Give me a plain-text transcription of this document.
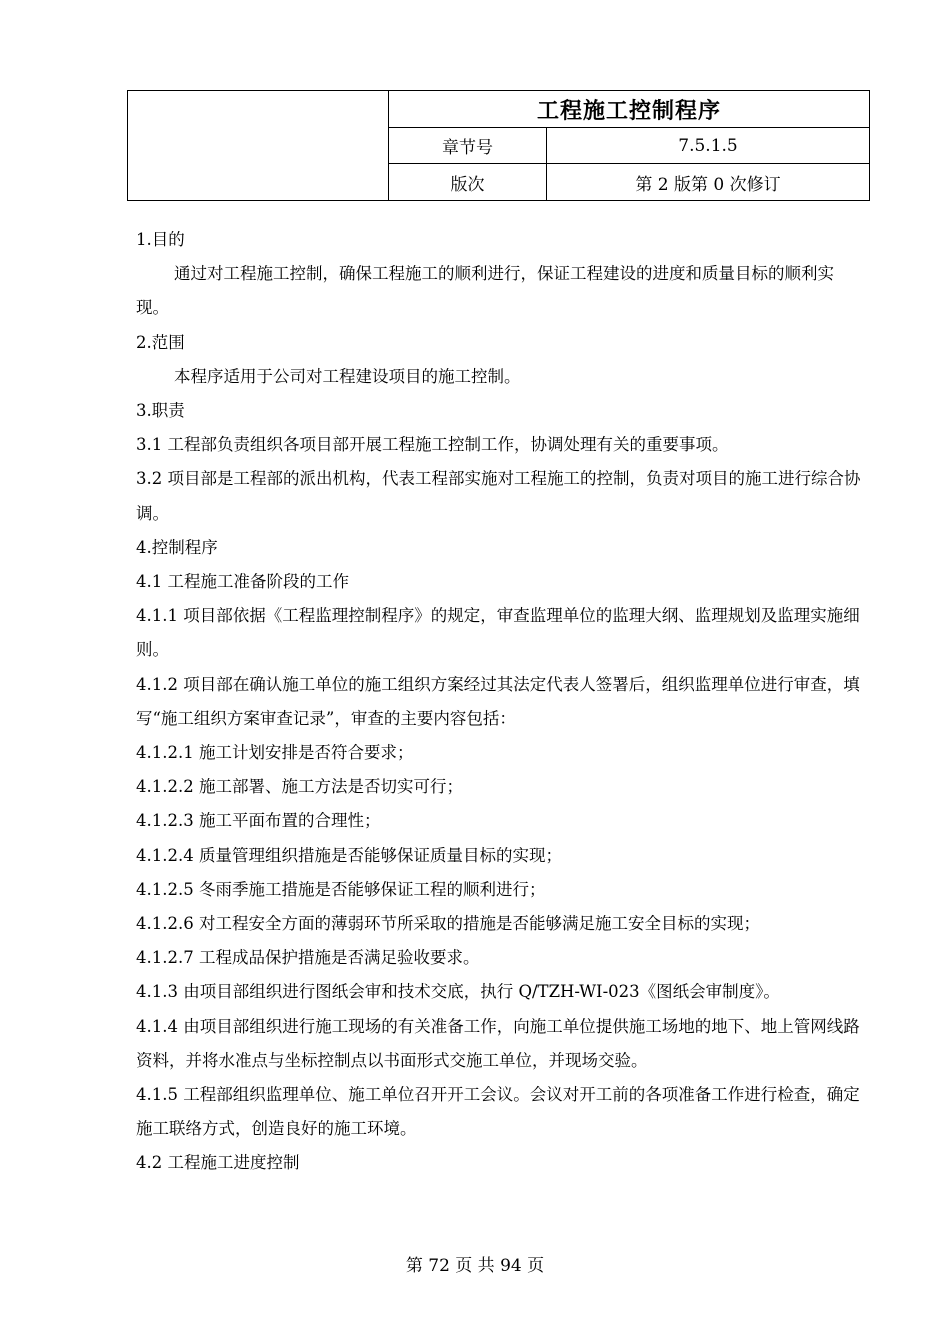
	工程施工控制程序	
	章节号	7.5.1.5
	版次	第 2 版第 0 次修订

1.目的

通过对工程施工控制，确保工程施工的顺利进行，保证工程建设的进度和质量目标的顺利实现。

2.范围

本程序适用于公司对工程建设项目的施工控制。

3.职责

3.1 工程部负责组织各项目部开展工程施工控制工作，协调处理有关的重要事项。

3.2 项目部是工程部的派出机构，代表工程部实施对工程施工的控制，负责对项目的施工进行综合协调。

4.控制程序

4.1 工程施工准备阶段的工作

4.1.1 项目部依据《工程监理控制程序》的规定，审查监理单位的监理大纲、监理规划及监理实施细则。

4.1.2 项目部在确认施工单位的施工组织方案经过其法定代表人签署后，组织监理单位进行审查，填写“施工组织方案审查记录”，审查的主要内容包括：

4.1.2.1 施工计划安排是否符合要求；

4.1.2.2 施工部署、施工方法是否切实可行；

4.1.2.3 施工平面布置的合理性；

4.1.2.4 质量管理组织措施是否能够保证质量目标的实现；

4.1.2.5 冬雨季施工措施是否能够保证工程的顺利进行；

4.1.2.6 对工程安全方面的薄弱环节所采取的措施是否能够满足施工安全目标的实现；

4.1.2.7 工程成品保护措施是否满足验收要求。

4.1.3 由项目部组织进行图纸会审和技术交底，执行 Q/TZH-WI-023《图纸会审制度》。

4.1.4 由项目部组织进行施工现场的有关准备工作，向施工单位提供施工场地的地下、地上管网线路资料，并将水准点与坐标控制点以书面形式交施工单位，并现场交验。

4.1.5 工程部组织监理单位、施工单位召开开工会议。会议对开工前的各项准备工作进行检查，确定施工联络方式，创造良好的施工环境。

4.2 工程施工进度控制

第 72 页 共 94 页
